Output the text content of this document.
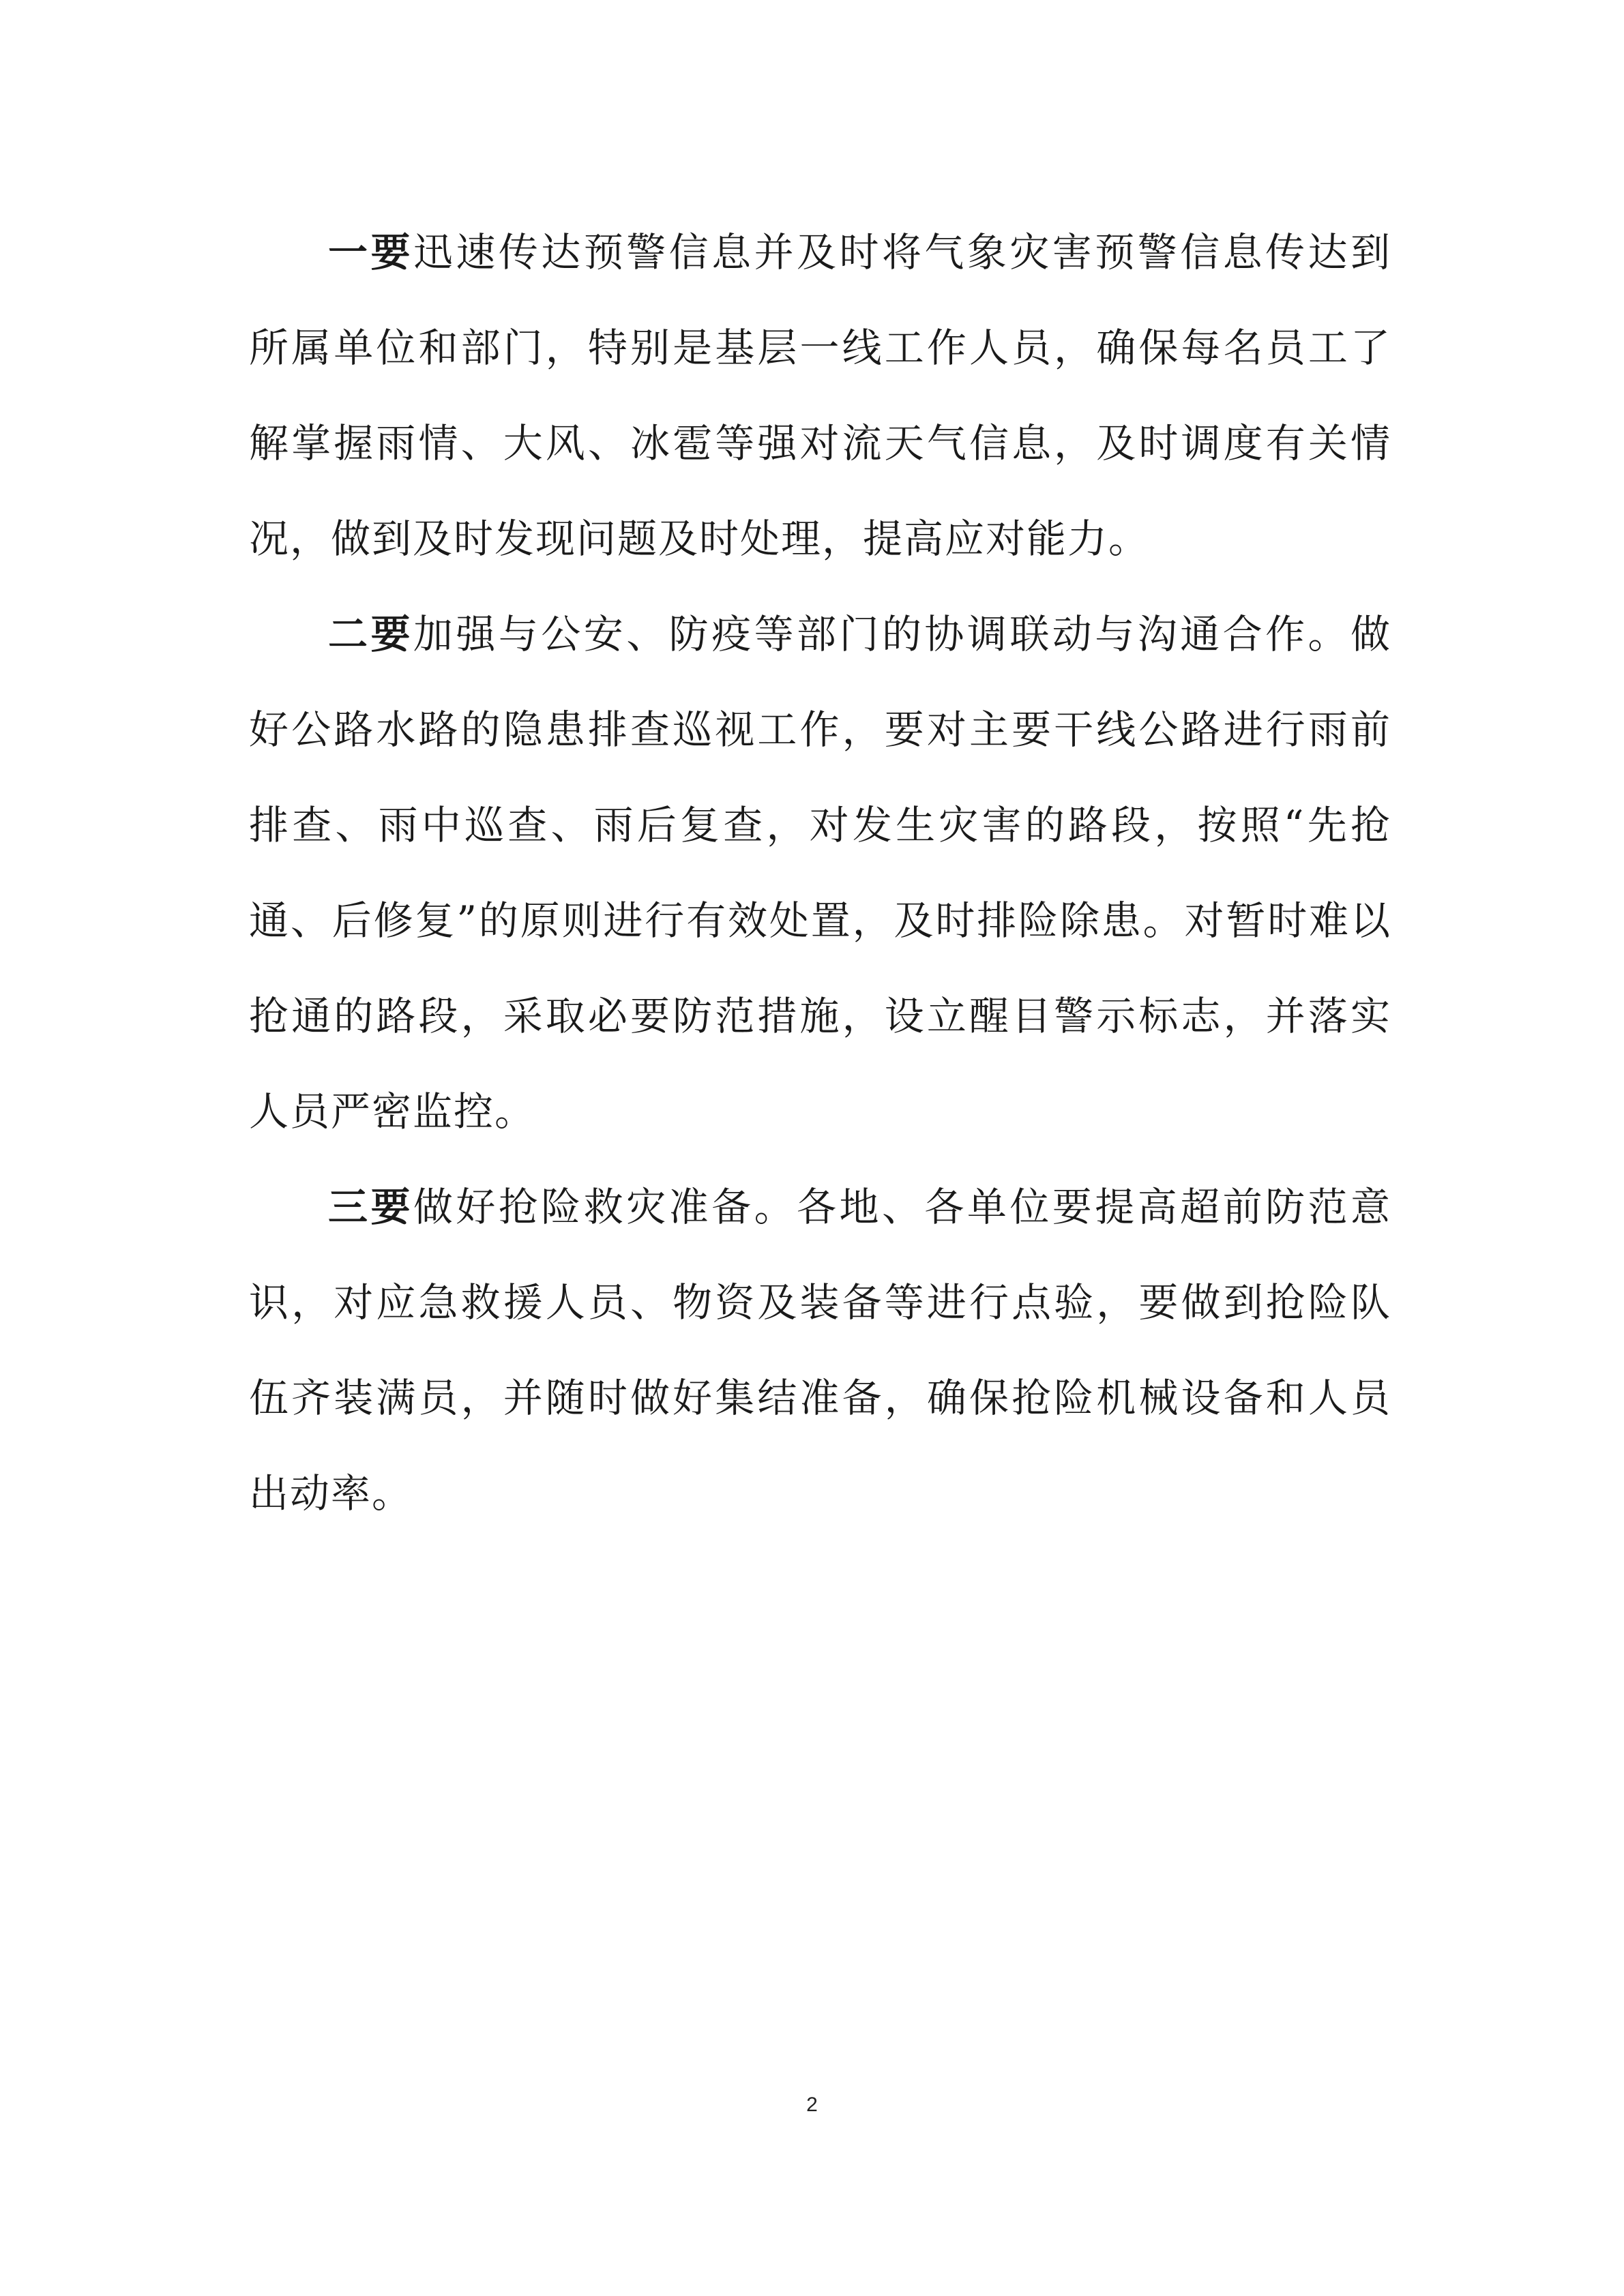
一要迅速传达预警信息并及时将气象灾害预警信息传达到所属单位和部门，特别是基层一线工作人员，确保每名员工了解掌握雨情、大风、冰雹等强对流天气信息，及时调度有关情况，做到及时发现问题及时处理，提高应对能力。

二要加强与公安、防疫等部门的协调联动与沟通合作。做好公路水路的隐患排查巡视工作，要对主要干线公路进行雨前排查、雨中巡查、雨后复查，对发生灾害的路段，按照“先抢通、后修复”的原则进行有效处置，及时排险除患。对暂时难以抢通的路段，采取必要防范措施，设立醒目警示标志，并落实人员严密监控。

三要做好抢险救灾准备。各地、各单位要提高超前防范意识，对应急救援人员、物资及装备等进行点验，要做到抢险队伍齐装满员，并随时做好集结准备，确保抢险机械设备和人员出动率。

2
